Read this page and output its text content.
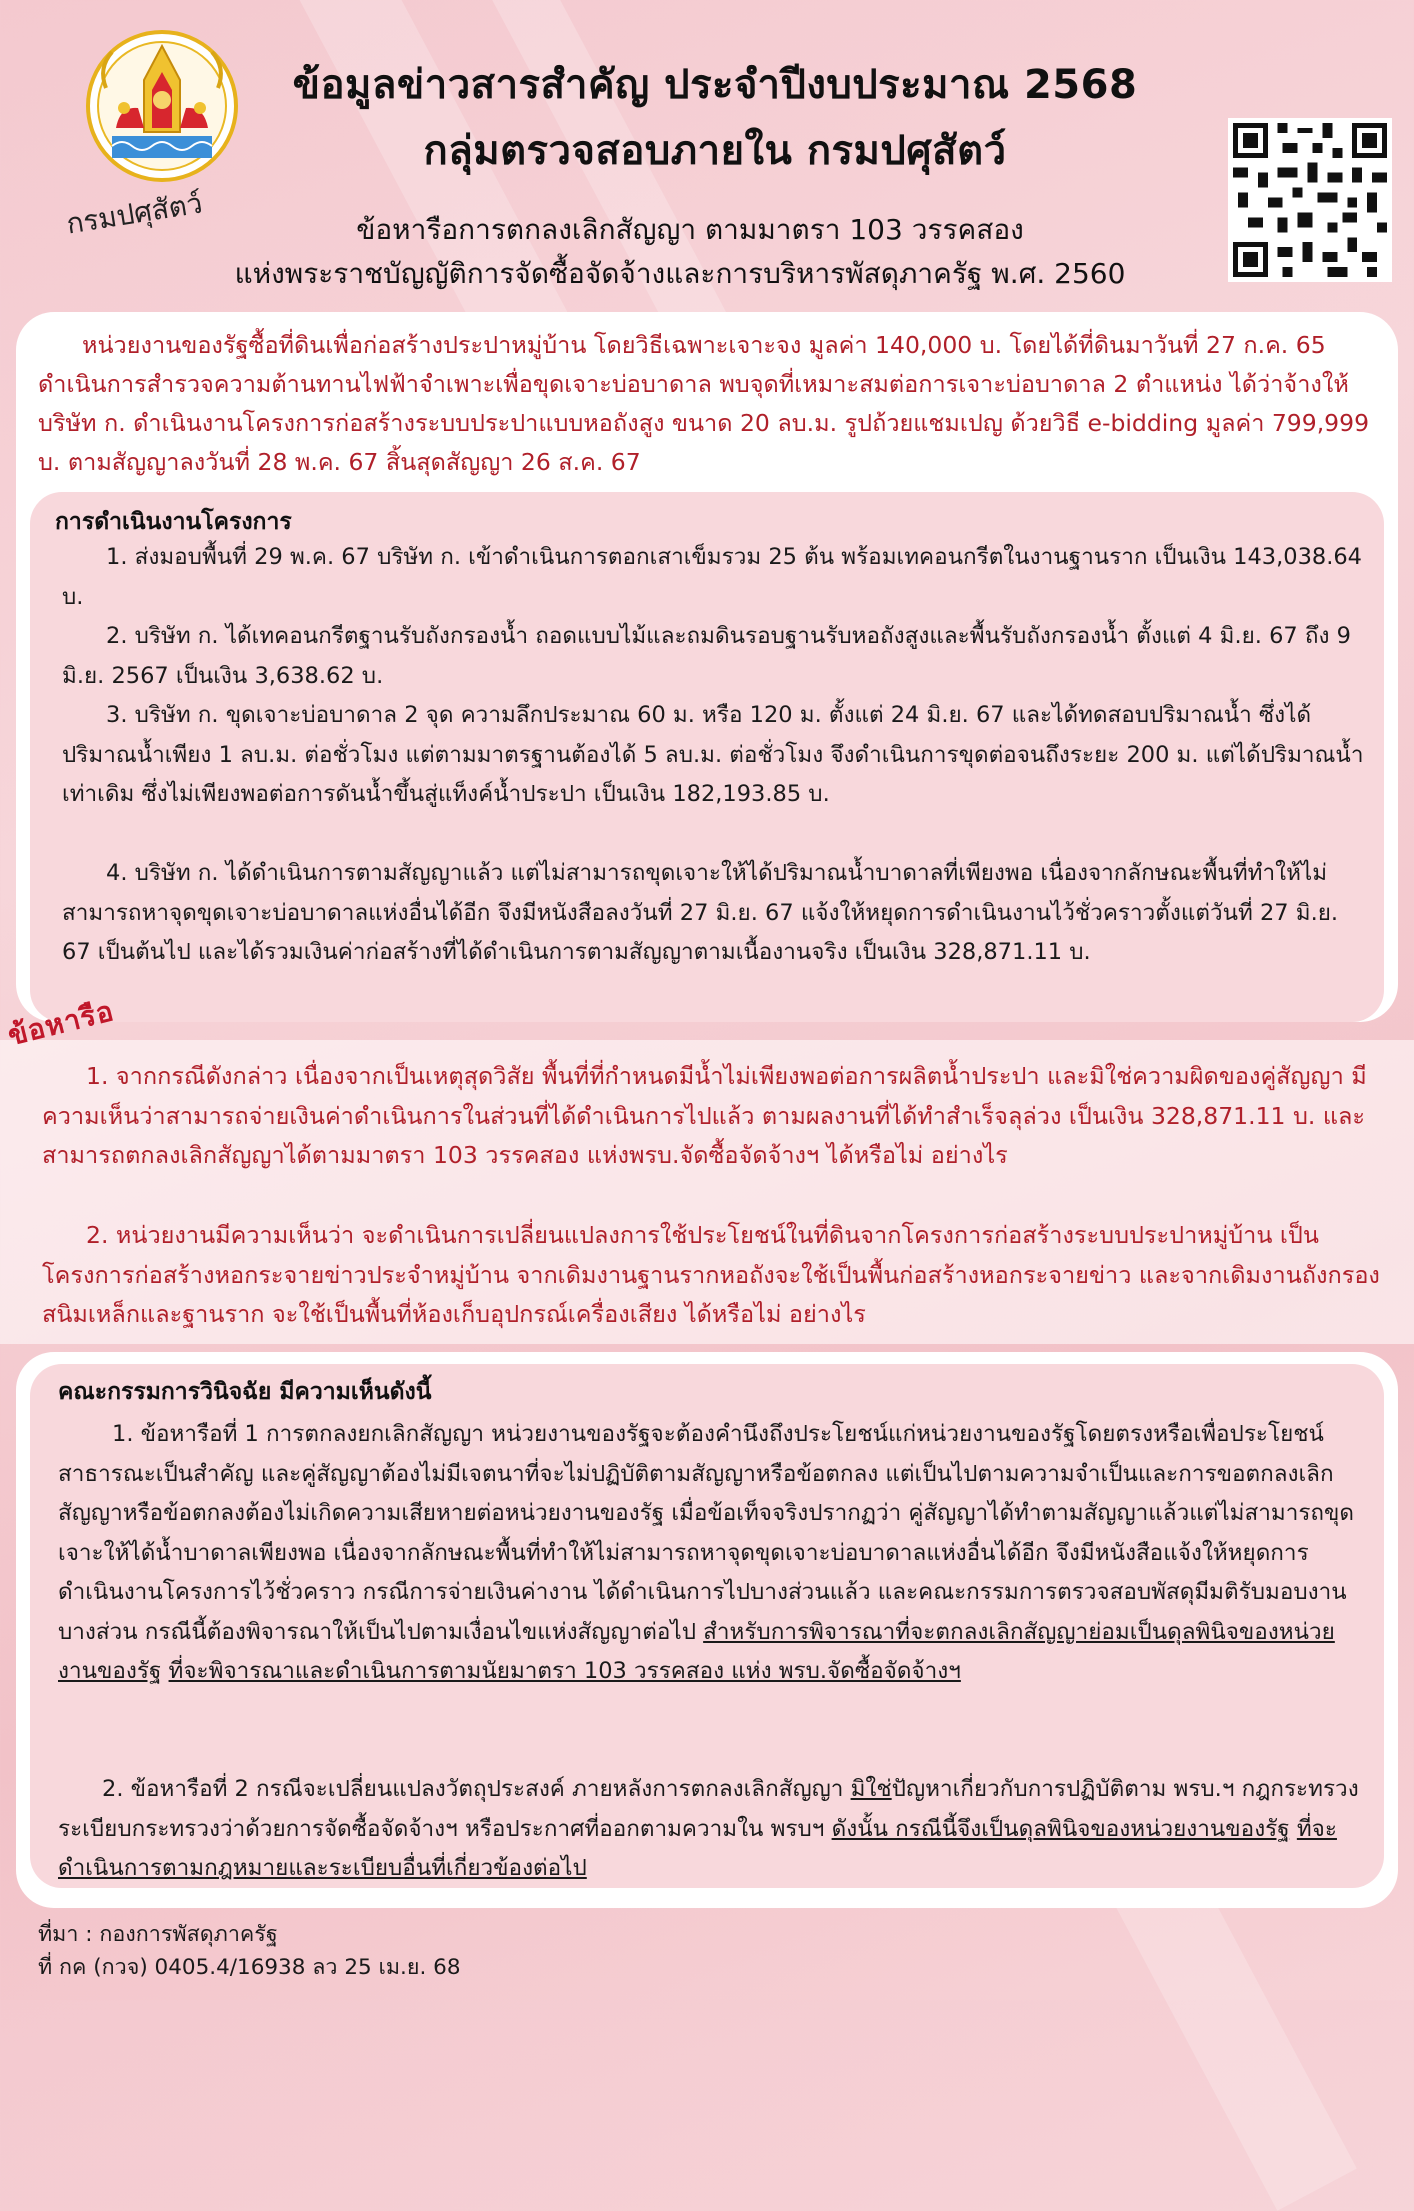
กรมปศุสัตว์
ข้อมูลข่าวสารสำคัญ ประจำปีงบประมาณ 2568
กลุ่มตรวจสอบภายใน กรมปศุสัตว์
ข้อหารือการตกลงเลิกสัญญา ตามมาตรา 103 วรรคสอง
แห่งพระราชบัญญัติการจัดซื้อจัดจ้างและการบริหารพัสดุภาครัฐ พ.ศ. 2560
หน่วยงานของรัฐซื้อที่ดินเพื่อก่อสร้างประปาหมู่บ้าน โดยวิธีเฉพาะเจาะจง มูลค่า 140,000 บ. โดยได้ที่ดินมาวันที่ 27 ก.ค. 65 ดำเนินการสำรวจความต้านทานไฟฟ้าจำเพาะเพื่อขุดเจาะบ่อบาดาล พบจุดที่เหมาะสมต่อการเจาะบ่อบาดาล 2 ตำแหน่ง ได้ว่าจ้างให้ บริษัท ก. ดำเนินงานโครงการก่อสร้างระบบประปาแบบหอถังสูง ขนาด 20 ลบ.ม. รูปถ้วยแชมเปญ ด้วยวิธี e-bidding มูลค่า 799,999 บ. ตามสัญญาลงวันที่ 28 พ.ค. 67 สิ้นสุดสัญญา 26 ส.ค. 67
การดำเนินงานโครงการ
1. ส่งมอบพื้นที่ 29 พ.ค. 67 บริษัท ก. เข้าดำเนินการตอกเสาเข็มรวม 25 ต้น พร้อมเทคอนกรีตในงานฐานราก เป็นเงิน 143,038.64 บ.
2. บริษัท ก. ได้เทคอนกรีตฐานรับถังกรองน้ำ ถอดแบบไม้และถมดินรอบฐานรับหอถังสูงและพื้นรับถังกรองน้ำ ตั้งแต่ 4 มิ.ย. 67 ถึง 9 มิ.ย. 2567 เป็นเงิน 3,638.62 บ.
3. บริษัท ก. ขุดเจาะบ่อบาดาล 2 จุด ความลึกประมาณ 60 ม. หรือ 120 ม. ตั้งแต่ 24 มิ.ย. 67 และได้ทดสอบปริมาณน้ำ ซึ่งได้ปริมาณน้ำเพียง 1 ลบ.ม. ต่อชั่วโมง แต่ตามมาตรฐานต้องได้ 5 ลบ.ม. ต่อชั่วโมง จึงดำเนินการขุดต่อจนถึงระยะ 200 ม. แต่ได้ปริมาณน้ำเท่าเดิม ซึ่งไม่เพียงพอต่อการดันน้ำขึ้นสู่แท็งค์น้ำประปา เป็นเงิน 182,193.85 บ.
4. บริษัท ก. ได้ดำเนินการตามสัญญาแล้ว แต่ไม่สามารถขุดเจาะให้ได้ปริมาณน้ำบาดาลที่เพียงพอ เนื่องจากลักษณะพื้นที่ทำให้ไม่สามารถหาจุดขุดเจาะบ่อบาดาลแห่งอื่นได้อีก จึงมีหนังสือลงวันที่ 27 มิ.ย. 67 แจ้งให้หยุดการดำเนินงานไว้ชั่วคราวตั้งแต่วันที่ 27 มิ.ย. 67 เป็นต้นไป และได้รวมเงินค่าก่อสร้างที่ได้ดำเนินการตามสัญญาตามเนื้องานจริง เป็นเงิน 328,871.11 บ.
ข้อหารือ
1. จากกรณีดังกล่าว เนื่องจากเป็นเหตุสุดวิสัย พื้นที่ที่กำหนดมีน้ำไม่เพียงพอต่อการผลิตน้ำประปา และมิใช่ความผิดของคู่สัญญา มีความเห็นว่าสามารถจ่ายเงินค่าดำเนินการในส่วนที่ได้ดำเนินการไปแล้ว ตามผลงานที่ได้ทำสำเร็จลุล่วง เป็นเงิน 328,871.11 บ. และสามารถตกลงเลิกสัญญาได้ตามมาตรา 103 วรรคสอง แห่งพรบ.จัดซื้อจัดจ้างฯ ได้หรือไม่ อย่างไร
2. หน่วยงานมีความเห็นว่า จะดำเนินการเปลี่ยนแปลงการใช้ประโยชน์ในที่ดินจากโครงการก่อสร้างระบบประปาหมู่บ้าน เป็นโครงการก่อสร้างหอกระจายข่าวประจำหมู่บ้าน จากเดิมงานฐานรากหอถังจะใช้เป็นพื้นก่อสร้างหอกระจายข่าว และจากเดิมงานถังกรองสนิมเหล็กและฐานราก จะใช้เป็นพื้นที่ห้องเก็บอุปกรณ์เครื่องเสียง ได้หรือไม่ อย่างไร
คณะกรรมการวินิจฉัย มีความเห็นดังนี้
1. ข้อหารือที่ 1 การตกลงยกเลิกสัญญา หน่วยงานของรัฐจะต้องคำนึงถึงประโยชน์แก่หน่วยงานของรัฐโดยตรงหรือเพื่อประโยชน์สาธารณะเป็นสำคัญ และคู่สัญญาต้องไม่มีเจตนาที่จะไม่ปฏิบัติตามสัญญาหรือข้อตกลง แต่เป็นไปตามความจำเป็นและการขอตกลงเลิกสัญญาหรือข้อตกลงต้องไม่เกิดความเสียหายต่อหน่วยงานของรัฐ เมื่อข้อเท็จจริงปรากฏว่า คู่สัญญาได้ทำตามสัญญาแล้วแต่ไม่สามารถขุดเจาะให้ได้น้ำบาดาลเพียงพอ เนื่องจากลักษณะพื้นที่ทำให้ไม่สามารถหาจุดขุดเจาะบ่อบาดาลแห่งอื่นได้อีก จึงมีหนังสือแจ้งให้หยุดการดำเนินงานโครงการไว้ชั่วคราว กรณีการจ่ายเงินค่างาน ได้ดำเนินการไปบางส่วนแล้ว และคณะกรรมการตรวจสอบพัสดุมีมติรับมอบงานบางส่วน กรณีนี้ต้องพิจารณาให้เป็นไปตามเงื่อนไขแห่งสัญญาต่อไป สำหรับการพิจารณาที่จะตกลงเลิกสัญญาย่อมเป็นดุลพินิจของหน่วยงานของรัฐ ที่จะพิจารณาและดำเนินการตามนัยมาตรา 103 วรรคสอง แห่ง พรบ.จัดซื้อจัดจ้างฯ
2. ข้อหารือที่ 2 กรณีจะเปลี่ยนแปลงวัตถุประสงค์ ภายหลังการตกลงเลิกสัญญา มิใช่ปัญหาเกี่ยวกับการปฏิบัติตาม พรบ.ฯ กฎกระทรวง ระเบียบกระทรวงว่าด้วยการจัดซื้อจัดจ้างฯ หรือประกาศที่ออกตามความใน พรบฯ ดังนั้น กรณีนี้จึงเป็นดุลพินิจของหน่วยงานของรัฐ ที่จะดำเนินการตามกฎหมายและระเบียบอื่นที่เกี่ยวข้องต่อไป
ที่มา : กองการพัสดุภาครัฐ
ที่ กค (กวจ) 0405.4/16938 ลว 25 เม.ย. 68
